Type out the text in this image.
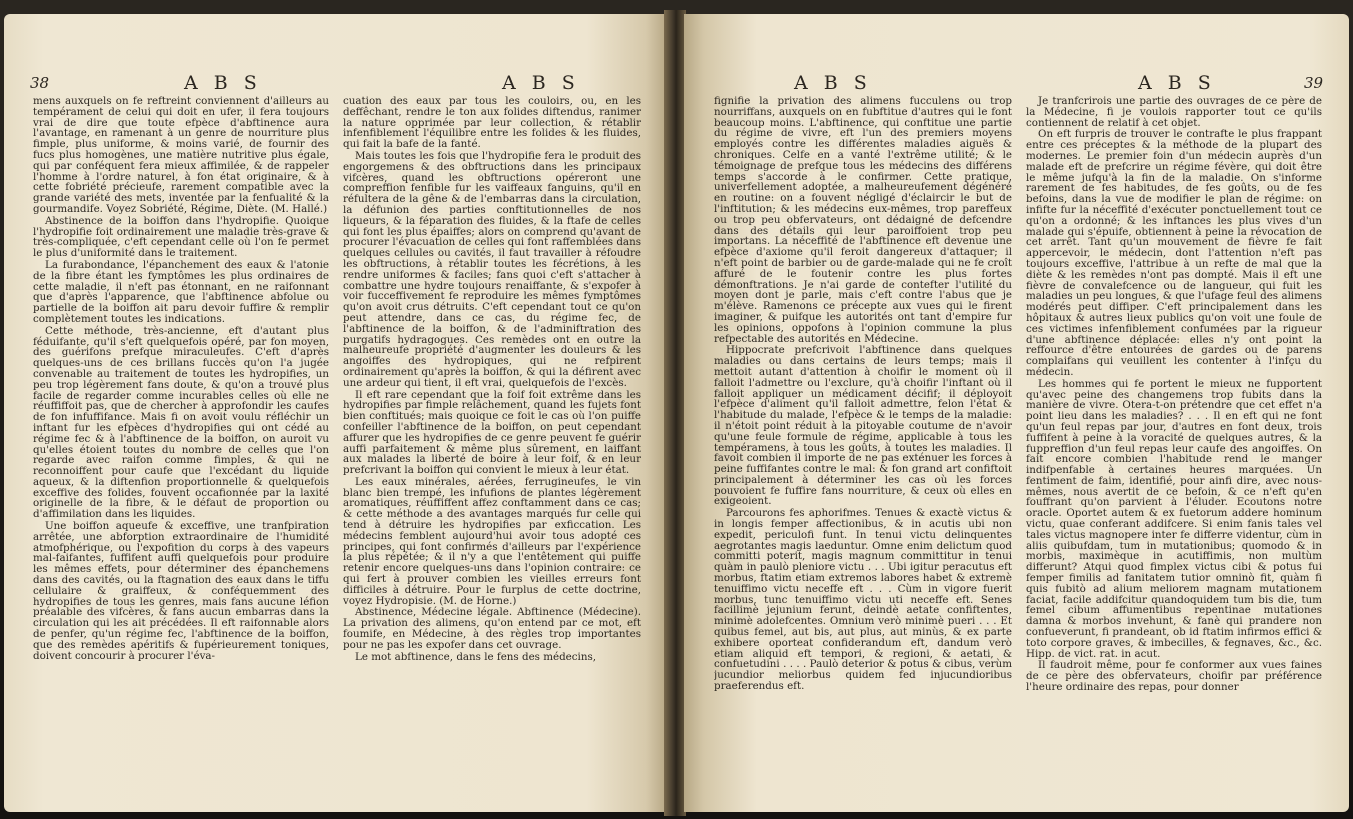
38	A B S	A B S

mens auxquels on fe reftreint conviennent d'ailleurs au tempérament de celui qui doit en ufer, il fera toujours vrai de dire que toute efpèce d'abftinence aura l'avantage, en ramenant à un genre de nourriture plus fimple, plus uniforme, & moins varié, de fournir des fucs plus homogènes, une matière nutritive plus égale, qui par conféquent fera mieux affimilée, & de rappeler l'homme à l'ordre naturel, à fon état originaire, & à cette fobriété précieufe, rarement compatible avec la grande variété des mets, inventée par la fenfualité & la gourmandife. Voyez Sobriété, Régime, Diète. (M. Hallé.)

Abstinence de la boiffon dans l'hydropifie. Quoique l'hydropifie foit ordinairement une maladie très-grave & très-compliquée, c'eft cependant celle où l'on fe permet le plus d'uniformité dans le traitement.

La furabondance, l'épanchement des eaux & l'atonie de la fibre étant les fymptômes les plus ordinaires de cette maladie, il n'eft pas étonnant, en ne raifonnant que d'après l'apparence, que l'abftinence abfolue ou partielle de la boiffon ait paru devoir fuffire & remplir complètement toutes les indications.

Cette méthode, très-ancienne, eft d'autant plus féduifante, qu'il s'eft quelquefois opéré, par fon moyen, des guérifons prefque miraculeufes. C'eft d'après quelques-uns de ces brillans fuccès qu'on l'a jugée convenable au traitement de toutes les hydropifies, un peu trop légèrement fans doute, & qu'on a trouvé plus facile de regarder comme incurables celles où elle ne réuffiffoit pas, que de chercher à approfondir les caufes de fon infuffifance. Mais fi on avoit voulu réfléchir un inftant fur les efpèces d'hydropifies qui ont cédé au régime fec & à l'abftinence de la boiffon, on auroit vu qu'elles étoient toutes du nombre de celles que l'on regarde avec raifon comme fimples, & qui ne reconnoiffent pour caufe que l'excédant du liquide aqueux, & la diftenfion proportionnelle & quelquefois exceffive des folides, fouvent occafionnée par la laxité originelle de la fibre, & le défaut de proportion ou d'affimilation dans les liquides.

Une boiffon aqueufe & exceffive, une tranfpiration arrêtée, une abforption extraordinaire de l'humidité atmofphérique, ou l'expofition du corps à des vapeurs mal-faifantes, fuffifent auffi quelquefois pour produire les mêmes effets, pour déterminer des épanchemens dans des cavités, ou la ftagnation des eaux dans le tiffu cellulaire & graiffeux, & conféquemment des hydropifies de tous les genres, mais fans aucune léfion préalable des vifcères, & fans aucun embarras dans la circulation qui les ait précédées. Il eft raifonnable alors de penfer, qu'un régime fec, l'abftinence de la boiffon, que des remèdes apéritifs & fupérieurement toniques, doivent concourir à procurer l'éva-

cuation des eaux par tous les couloirs, ou, en les deffêchant, rendre le ton aux folides diftendus, ranimer la nature opprimée par leur collection, & rétablir infenfiblement l'équilibre entre les folides & les fluides, qui fait la bafe de la fanté.

Mais toutes les fois que l'hydropifie fera le produit des engorgemens & des obftructions dans les principaux vifcères, quand les obftructions opéreront une compreffion fenfible fur les vaiffeaux fanguins, qu'il en réfultera de la gêne & de l'embarras dans la circulation, la défunion des parties conftitutionnelles de nos liqueurs, & la féparation des fluides, & la ftafe de celles qui font les plus épaiffes; alors on comprend qu'avant de procurer l'évacuation de celles qui font raffemblées dans quelques cellules ou cavités, il faut travailler à réfoudre les obftructions, à rétablir toutes les fécrétions, à les rendre uniformes & faciles; fans quoi c'eft s'attacher à combattre une hydre toujours renaiffante, & s'expofer à voir fucceffivement fe reproduire les mêmes fymptômes qu'on avoit crus détruits. C'eft cependant tout ce qu'on peut attendre, dans ce cas, du régime fec, de l'abftinence de la boiffon, & de l'adminiftration des purgatifs hydragogues. Ces remèdes ont en outre la malheureufe propriété d'augmenter les douleurs & les angoiffes des hydropiques, qui ne refpirent ordinairement qu'après la boiffon, & qui la défirent avec une ardeur qui tient, il eft vrai, quelquefois de l'excès.

Il eft rare cependant que la foif foit extrême dans les hydropifies par fimple relâchement, quand les fujets font bien conftitués; mais quoique ce foit le cas où l'on puiffe confeiller l'abftinence de la boiffon, on peut cependant affurer que les hydropifies de ce genre peuvent fe guérir auffi parfaitement & même plus sûrement, en laiffant aux malades la liberté de boire à leur foif, & en leur prefcrivant la boiffon qui convient le mieux à leur état.

Les eaux minérales, aérées, ferrugineufes, le vin blanc bien trempé, les infufions de plantes légèrement aromatiques, réuffiffent affez conftamment dans ce cas; & cette méthode a des avantages marqués fur celle qui tend à détruire les hydropifies par exficcation. Les médecins femblent aujourd'hui avoir tous adopté ces principes, qui font confirmés d'ailleurs par l'expérience la plus répétée; & il n'y a que l'entêtement qui puiffe retenir encore quelques-uns dans l'opinion contraire: ce qui fert à prouver combien les vieilles erreurs font difficiles à détruire. Pour le furplus de cette doctrine, voyez Hydropisie. (M. de Horne.)

Abstinence, Médecine légale. Abftinence (Médecine). La privation des alimens, qu'on entend par ce mot, eft foumife, en Médecine, à des règles trop importantes pour ne pas les expofer dans cet ouvrage.

Le mot abftinence, dans le fens des médecins,

A B S	A B S	39

fignifie la privation des alimens fucculens ou trop nourriffans, auxquels on en fubftitue d'autres qui le font beaucoup moins. L'abftinence, qui conftitue une partie du régime de vivre, eft l'un des premiers moyens employés contre les différentes maladies aiguës & chroniques. Celfe en a vanté l'extrême utilité; & le témoignage de prefque tous les médecins des différens temps s'accorde à le confirmer. Cette pratique, univerfellement adoptée, a malheureufement dégénéré en routine: on a fouvent négligé d'éclaircir le but de l'inftitution; & les médecins eux-mêmes, trop pareffeux ou trop peu obfervateurs, ont dédaigné de defcendre dans des détails qui leur paroiffoient trop peu importans. La néceffité de l'abftinence eft devenue une efpèce d'axiome qu'il feroit dangereux d'attaquer; il n'eft point de barbier ou de garde-malade qui ne fe croît affuré de le foutenir contre les plus fortes démonftrations. Je n'ai garde de contefter l'utilité du moyen dont je parle, mais c'eft contre l'abus que je m'élève. Ramenons ce précepte aux vues qui le firent imaginer, & puifque les autorités ont tant d'empire fur les opinions, oppofons à l'opinion commune la plus refpectable des autorités en Médecine.

Hippocrate prefcrivoit l'abftinence dans quelques maladies ou dans certains de leurs temps; mais il mettoit autant d'attention à choifir le moment où il falloit l'admettre ou l'exclure, qu'à choifir l'inftant où il falloit appliquer un médicament décifif; il déployoit l'efpèce d'aliment qu'il falloit admettre, felon l'état & l'habitude du malade, l'efpèce & le temps de la maladie: il n'étoit point réduit à la pitoyable coutume de n'avoir qu'une feule formule de régime, applicable à tous les tempéramens, à tous les goûts, à toutes les maladies. Il favoit combien il importe de ne pas exténuer les forces à peine fuffifantes contre le mal: & fon grand art confiftoit principalement à déterminer les cas où les forces pouvoient fe fuffire fans nourriture, & ceux où elles en exigeoient.

Parcourons fes aphorifmes. Tenues & exactè victus & in longis femper affectionibus, & in acutis ubi non expedit, periculofi funt. In tenui victu delinquentes aegrotantes magis laeduntur. Omne enim delictum quod committi poterit, magis magnum committitur in tenui quàm in paulò pleniore victu . . . Ubi igitur peracutus eft morbus, ftatim etiam extremos labores habet & extremè tenuiffimo victu neceffe eft . . . Cùm in vigore fuerit morbus, tunc tenuiffimo victu uti neceffe eft. Senes facillimè jejunium ferunt, deindè aetate confiftentes, minimè adolefcentes. Omnium verò minimè pueri . . . Et quibus femel, aut bis, aut plus, aut minùs, & ex parte exhibere oporteat confiderandum eft, dandum verò etiam aliquid eft tempori, & regioni, & aetati, & confuetudini . . . . Paulò deterior & potus & cibus, verùm jucundior meliorbus quidem fed injucundioribus praeferendus eft.

Je tranfcrirois une partie des ouvrages de ce père de la Médecine, fi je voulois rapporter tout ce qu'ils contiennent de relatif à cet objet.

On eft furpris de trouver le contrafte le plus frappant entre ces préceptes & la méthode de la plupart des modernes. Le premier foin d'un médecin auprès d'un malade eft de prefcrire un régime févère, qui doit être le même jufqu'à la fin de la maladie. On s'informe rarement de fes habitudes, de fes goûts, ou de fes befoins, dans la vue de modifier le plan de régime: on infifte fur la néceffité d'exécuter ponctuellement tout ce qu'on a ordonné; & les inftances les plus vives d'un malade qui s'épuife, obtiennent à peine la révocation de cet arrêt. Tant qu'un mouvement de fièvre fe fait appercevoir, le médecin, dont l'attention n'eft pas toujours exceffive, l'attribue à un refte de mal que la diète & les remèdes n'ont pas dompté. Mais il eft une fièvre de convalefcence ou de langueur, qui fuit les maladies un peu longues, & que l'ufage feul des alimens modérés peut diffiper. C'eft principalement dans les hôpitaux & autres lieux publics qu'on voit une foule de ces victimes infenfiblement confumées par la rigueur d'une abftinence déplacée: elles n'y ont point la reffource d'être entourées de gardes ou de parens complaifans qui veuillent les contenter à l'infçu du médecin.

Les hommes qui fe portent le mieux ne fupportent qu'avec peine des changemens trop fubits dans la manière de vivre. Otera-t-on prétendre que cet effet n'a point lieu dans les maladies? . . . Il en eft qui ne font qu'un feul repas par jour, d'autres en font deux, trois fuffifent à peine à la voracité de quelques autres, & la fuppreffion d'un feul repas leur caufe des angoiffes. On fait encore combien l'habitude rend le manger indifpenfable à certaines heures marquées. Un fentiment de faim, identifié, pour ainfi dire, avec nous-mêmes, nous avertit de ce befoin, & ce n'eft qu'en fouffrant qu'on parvient à l'éluder. Ecoutons notre oracle. Oportet autem & ex fuetorum addere hominum victu, quae conferant addifcere. Si enim fanis tales vel tales victus magnopere inter fe differre videntur, cùm in aliis quibufdam, tum in mutationibus; quomodo & in morbis, maximèque in acutiffimis, non multùm differunt? Atqui quod fimplex victus cibi & potus fui femper fimilis ad fanitatem tutior omninò fit, quàm fi quis fubitò ad alium meliorem magnam mutationem faciat, facile addifcitur quandoquidem tum bis die, tum femel cibum affumentibus repentinae mutationes damna & morbos invehunt, & fanè qui prandere non confueverunt, fi prandeant, ob id ftatim infirmos effici & toto corpore graves, & imbecilles, & fegnaves, &c., &c. Hipp. de vict. rat. in acut.

Il faudroit même, pour fe conformer aux vues faines de ce père des obfervateurs, choifir par préférence l'heure ordinaire des repas, pour donner
